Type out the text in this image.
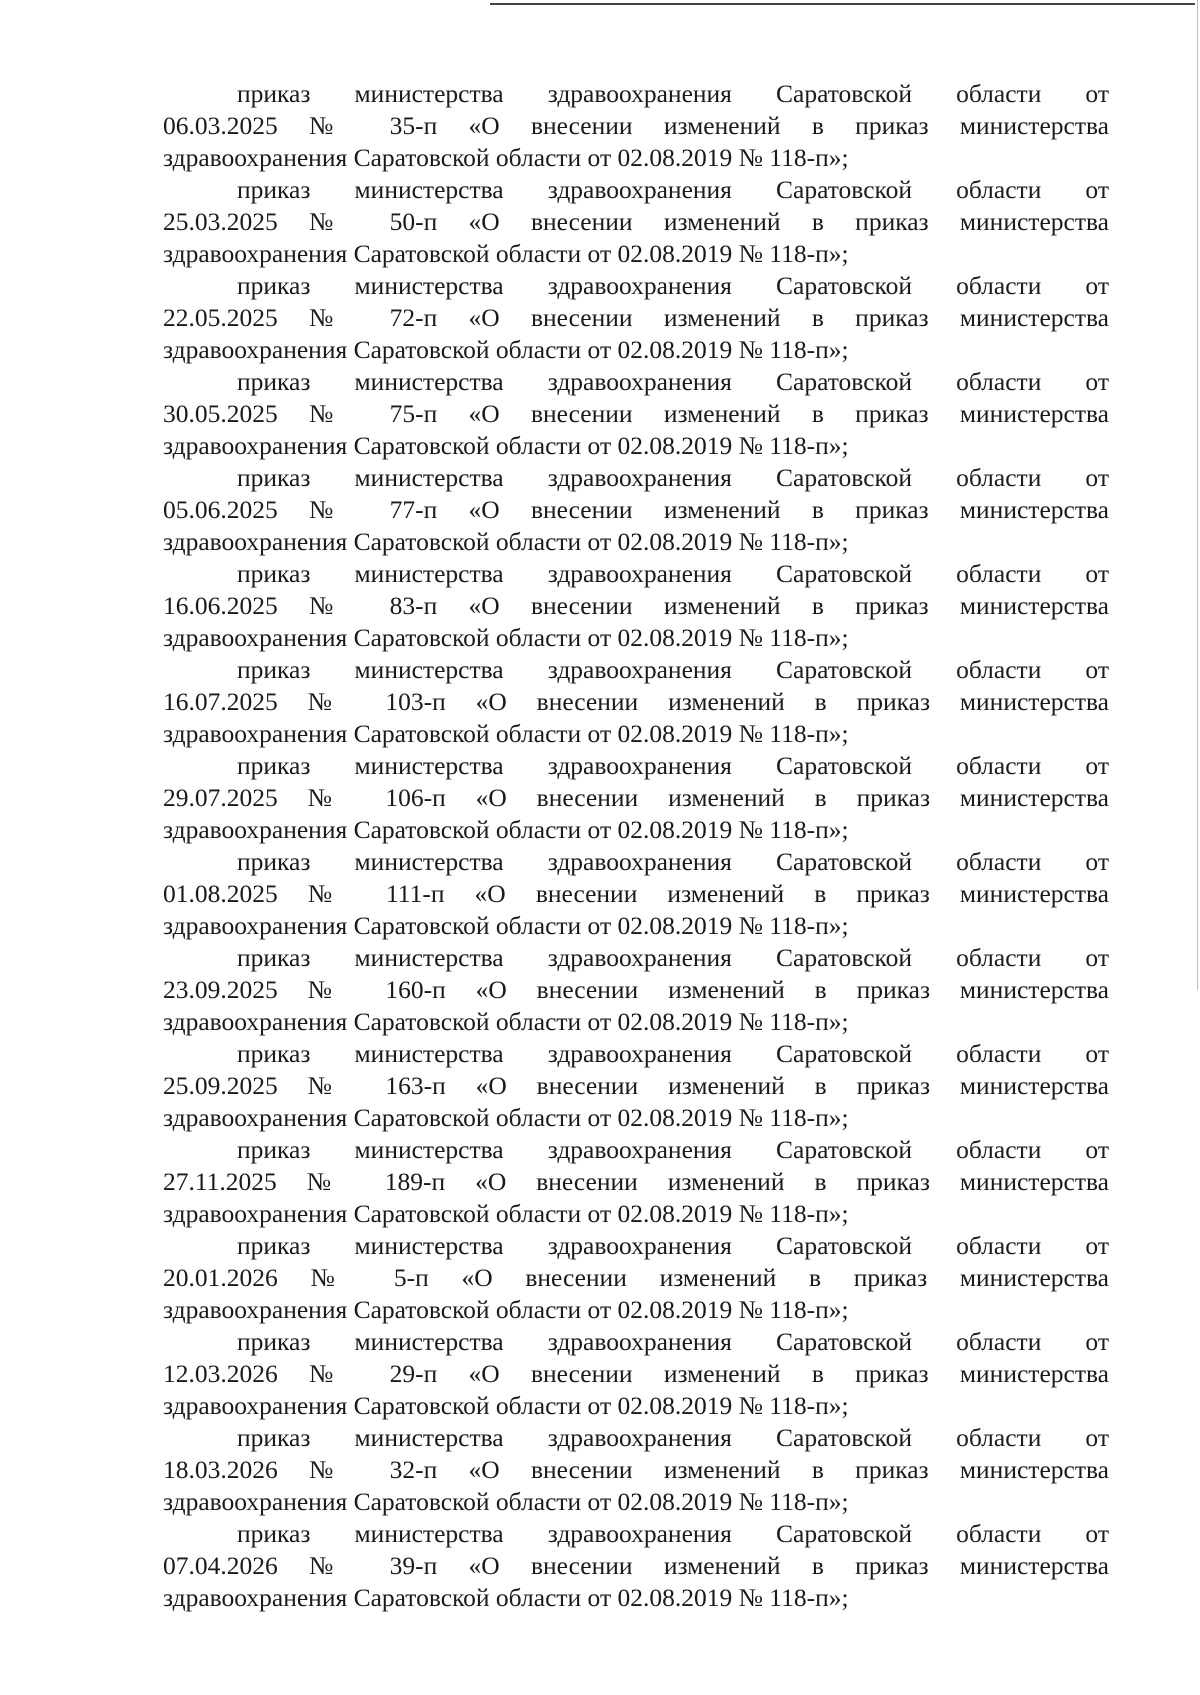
приказ министерства здравоохранения Саратовской области от
06.03.2025 № 35-п «О внесении изменений в приказ министерства
здравоохранения Саратовской области от 02.08.2019 № 118-п»;
приказ министерства здравоохранения Саратовской области от
25.03.2025 № 50-п «О внесении изменений в приказ министерства
здравоохранения Саратовской области от 02.08.2019 № 118-п»;
приказ министерства здравоохранения Саратовской области от
22.05.2025 № 72-п «О внесении изменений в приказ министерства
здравоохранения Саратовской области от 02.08.2019 № 118-п»;
приказ министерства здравоохранения Саратовской области от
30.05.2025 № 75-п «О внесении изменений в приказ министерства
здравоохранения Саратовской области от 02.08.2019 № 118-п»;
приказ министерства здравоохранения Саратовской области от
05.06.2025 № 77-п «О внесении изменений в приказ министерства
здравоохранения Саратовской области от 02.08.2019 № 118-п»;
приказ министерства здравоохранения Саратовской области от
16.06.2025 № 83-п «О внесении изменений в приказ министерства
здравоохранения Саратовской области от 02.08.2019 № 118-п»;
приказ министерства здравоохранения Саратовской области от
16.07.2025 № 103-п «О внесении изменений в приказ министерства
здравоохранения Саратовской области от 02.08.2019 № 118-п»;
приказ министерства здравоохранения Саратовской области от
29.07.2025 № 106-п «О внесении изменений в приказ министерства
здравоохранения Саратовской области от 02.08.2019 № 118-п»;
приказ министерства здравоохранения Саратовской области от
01.08.2025 № 111-п «О внесении изменений в приказ министерства
здравоохранения Саратовской области от 02.08.2019 № 118-п»;
приказ министерства здравоохранения Саратовской области от
23.09.2025 № 160-п «О внесении изменений в приказ министерства
здравоохранения Саратовской области от 02.08.2019 № 118-п»;
приказ министерства здравоохранения Саратовской области от
25.09.2025 № 163-п «О внесении изменений в приказ министерства
здравоохранения Саратовской области от 02.08.2019 № 118-п»;
приказ министерства здравоохранения Саратовской области от
27.11.2025 № 189-п «О внесении изменений в приказ министерства
здравоохранения Саратовской области от 02.08.2019 № 118-п»;
приказ министерства здравоохранения Саратовской области от
20.01.2026 № 5-п «О внесении изменений в приказ министерства
здравоохранения Саратовской области от 02.08.2019 № 118-п»;
приказ министерства здравоохранения Саратовской области от
12.03.2026 № 29-п «О внесении изменений в приказ министерства
здравоохранения Саратовской области от 02.08.2019 № 118-п»;
приказ министерства здравоохранения Саратовской области от
18.03.2026 № 32-п «О внесении изменений в приказ министерства
здравоохранения Саратовской области от 02.08.2019 № 118-п»;
приказ министерства здравоохранения Саратовской области от
07.04.2026 № 39-п «О внесении изменений в приказ министерства
здравоохранения Саратовской области от 02.08.2019 № 118-п»;
